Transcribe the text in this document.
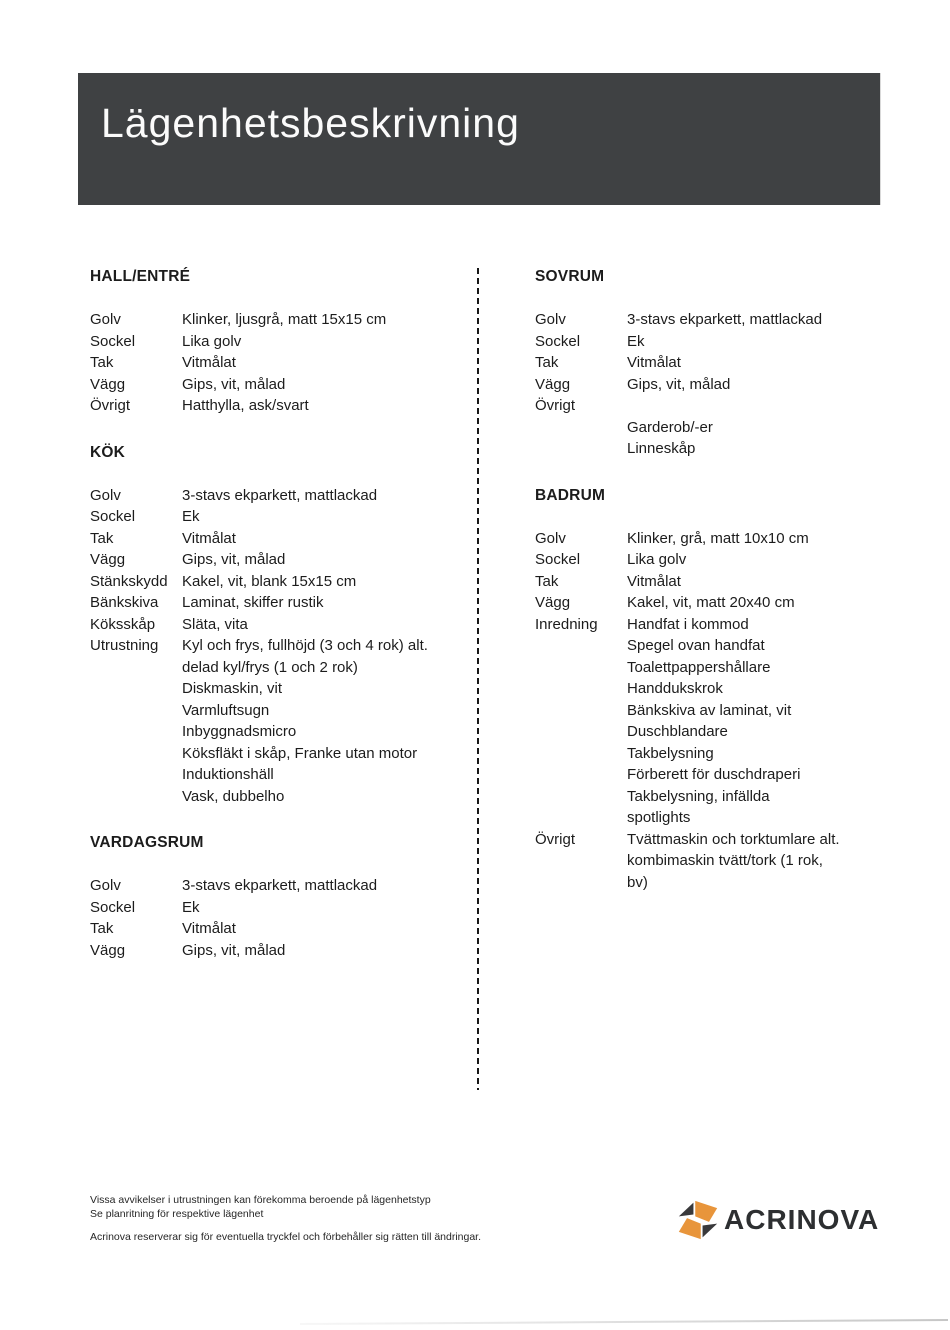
Lägenhetsbeskrivning
HALL/ENTRÉ
Golv	Klinker, ljusgrå, matt 15x15 cm
Sockel	Lika golv
Tak	Vitmålat
Vägg	Gips, vit, målad
Övrigt	Hatthylla, ask/svart
KÖK
Golv	3-stavs ekparkett, mattlackad
Sockel	Ek
Tak	Vitmålat
Vägg	Gips, vit, målad
Stänkskydd Kakel, vit, blank 15x15 cm
Bänkskiva	Laminat, skiffer rustik
Köksskåp	Släta, vita
Utrustning	Kyl och frys, fullhöjd (3 och 4 rok) alt.
delad kyl/frys (1 och 2 rok)
Diskmaskin, vit
Varmluftsugn
Inbyggnadsmicro
Köksfläkt i skåp, Franke utan motor
Induktionshäll
Vask, dubbelho
VARDAGSRUM
Golv	3-stavs ekparkett, mattlackad
Sockel	Ek
Tak	Vitmålat
Vägg	Gips, vit, målad
SOVRUM
Golv	3-stavs ekparkett, mattlackad
Sockel	Ek
Tak	Vitmålat
Vägg	Gips, vit, målad
Övrigt

Garderob/-er
Linneskåp
BADRUM
Golv	Klinker, grå, matt 10x10 cm
Sockel	Lika golv
Tak	Vitmålat
Vägg	Kakel, vit, matt 20x40 cm
Inredning	Handfat i kommod
Spegel ovan handfat
Toalettpappershållare
Handdukskrok
Bänkskiva av laminat, vit
Duschblandare
Takbelysning
Förberett för duschdraperi
Takbelysning, infällda
spotlights
Övrigt	Tvättmaskin och torktumlare alt.
kombimaskin tvätt/tork (1 rok,
bv)
Vissa avvikelser i utrustningen kan förekomma beroende på lägenhetstyp
Se planritning för respektive lägenhet
Acrinova reserverar sig för eventuella tryckfel och förbehåller sig rätten till ändringar.
ACRINOVA
